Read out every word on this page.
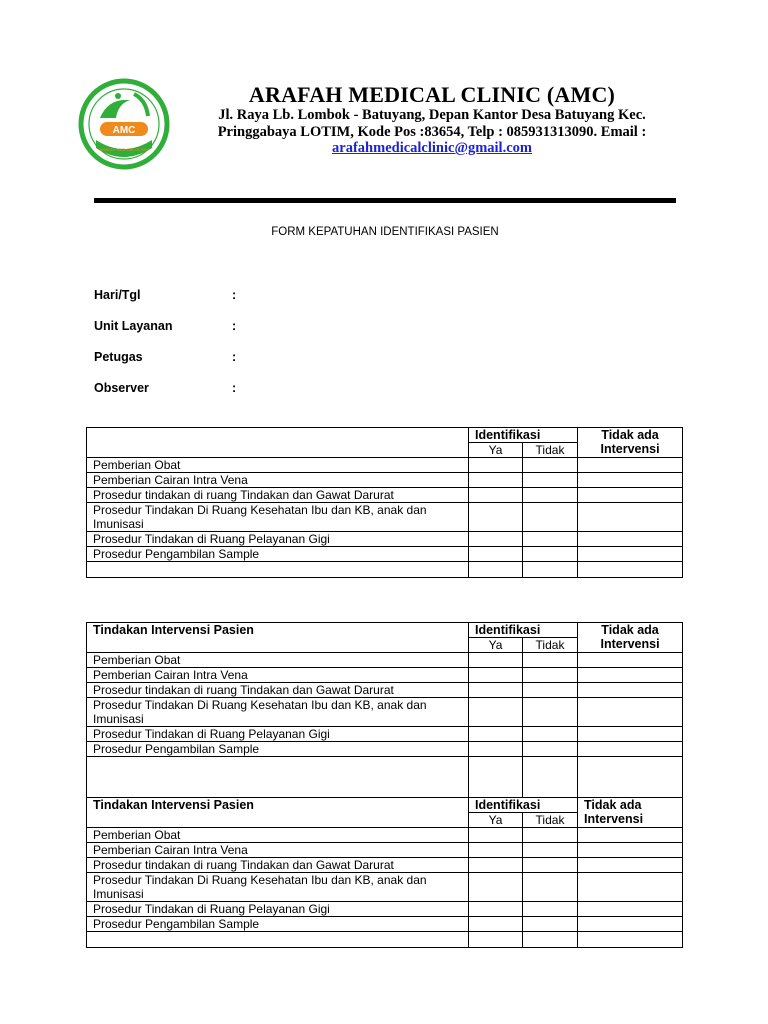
AMC
ARAFAH MEDICAL CLINIC
ARAFAH MEDICAL CLINIC (AMC)
Jl. Raya Lb. Lombok - Batuyang, Depan Kantor Desa Batuyang Kec.
Pringgabaya LOTIM, Kode Pos :83654, Telp : 085931313090. Email :
arafahmedicalclinic@gmail.com
FORM KEPATUHAN IDENTIFIKASI PASIEN
Hari/Tgl	:
Unit Layanan	:
Petugas	:
Observer	:
	Identifikasi		Tidak ada
Intervensi
	Ya	Tidak	
Pemberian Obat			
Pemberian Cairan Intra Vena			
Prosedur tindakan di ruang Tindakan dan Gawat Darurat			
Prosedur Tindakan Di Ruang Kesehatan Ibu dan KB, anak dan Imunisasi			
Prosedur Tindakan di Ruang Pelayanan Gigi			
Prosedur Pengambilan Sample			

Tindakan Intervensi Pasien	Identifikasi		Tidak ada
Intervensi
	Ya	Tidak	
Pemberian Obat			
Pemberian Cairan Intra Vena			
Prosedur tindakan di ruang Tindakan dan Gawat Darurat			
Prosedur Tindakan Di Ruang Kesehatan Ibu dan KB, anak dan Imunisasi			
Prosedur Tindakan di Ruang Pelayanan Gigi			
Prosedur Pengambilan Sample			

Tindakan Intervensi Pasien	Identifikasi		Tidak ada
Intervensi
	Ya	Tidak	
Pemberian Obat			
Pemberian Cairan Intra Vena			
Prosedur tindakan di ruang Tindakan dan Gawat Darurat			
Prosedur Tindakan Di Ruang Kesehatan Ibu dan KB, anak dan Imunisasi			
Prosedur Tindakan di Ruang Pelayanan Gigi			
Prosedur Pengambilan Sample			
